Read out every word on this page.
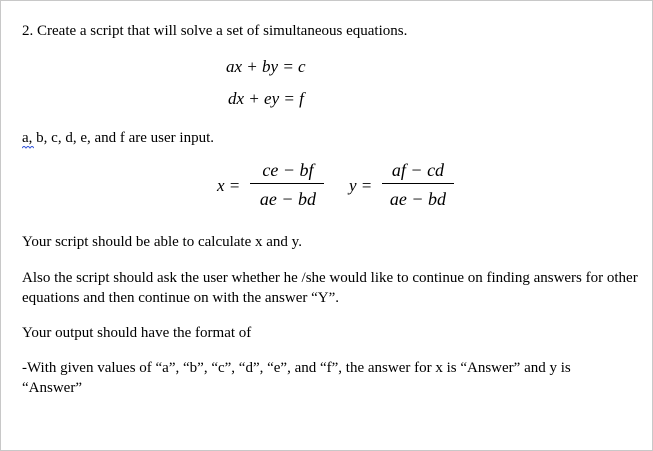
2. Create a script that will solve a set of simultaneous equations.
ax + by = c
dx + ey = f
a, b, c, d, e, and f are user input.
x =
ce − bf
ae − bd
y =
af − cd
ae − bd
Your script should be able to calculate x and y.
Also the script should ask the user whether he /she would like to continue on finding answers for other equations and then continue on with the answer “Y”.
Your output should have the format of
-With given values of “a”, “b”, “c”, “d”, “e”, and “f”, the answer for x is “Answer” and y is “Answer”
